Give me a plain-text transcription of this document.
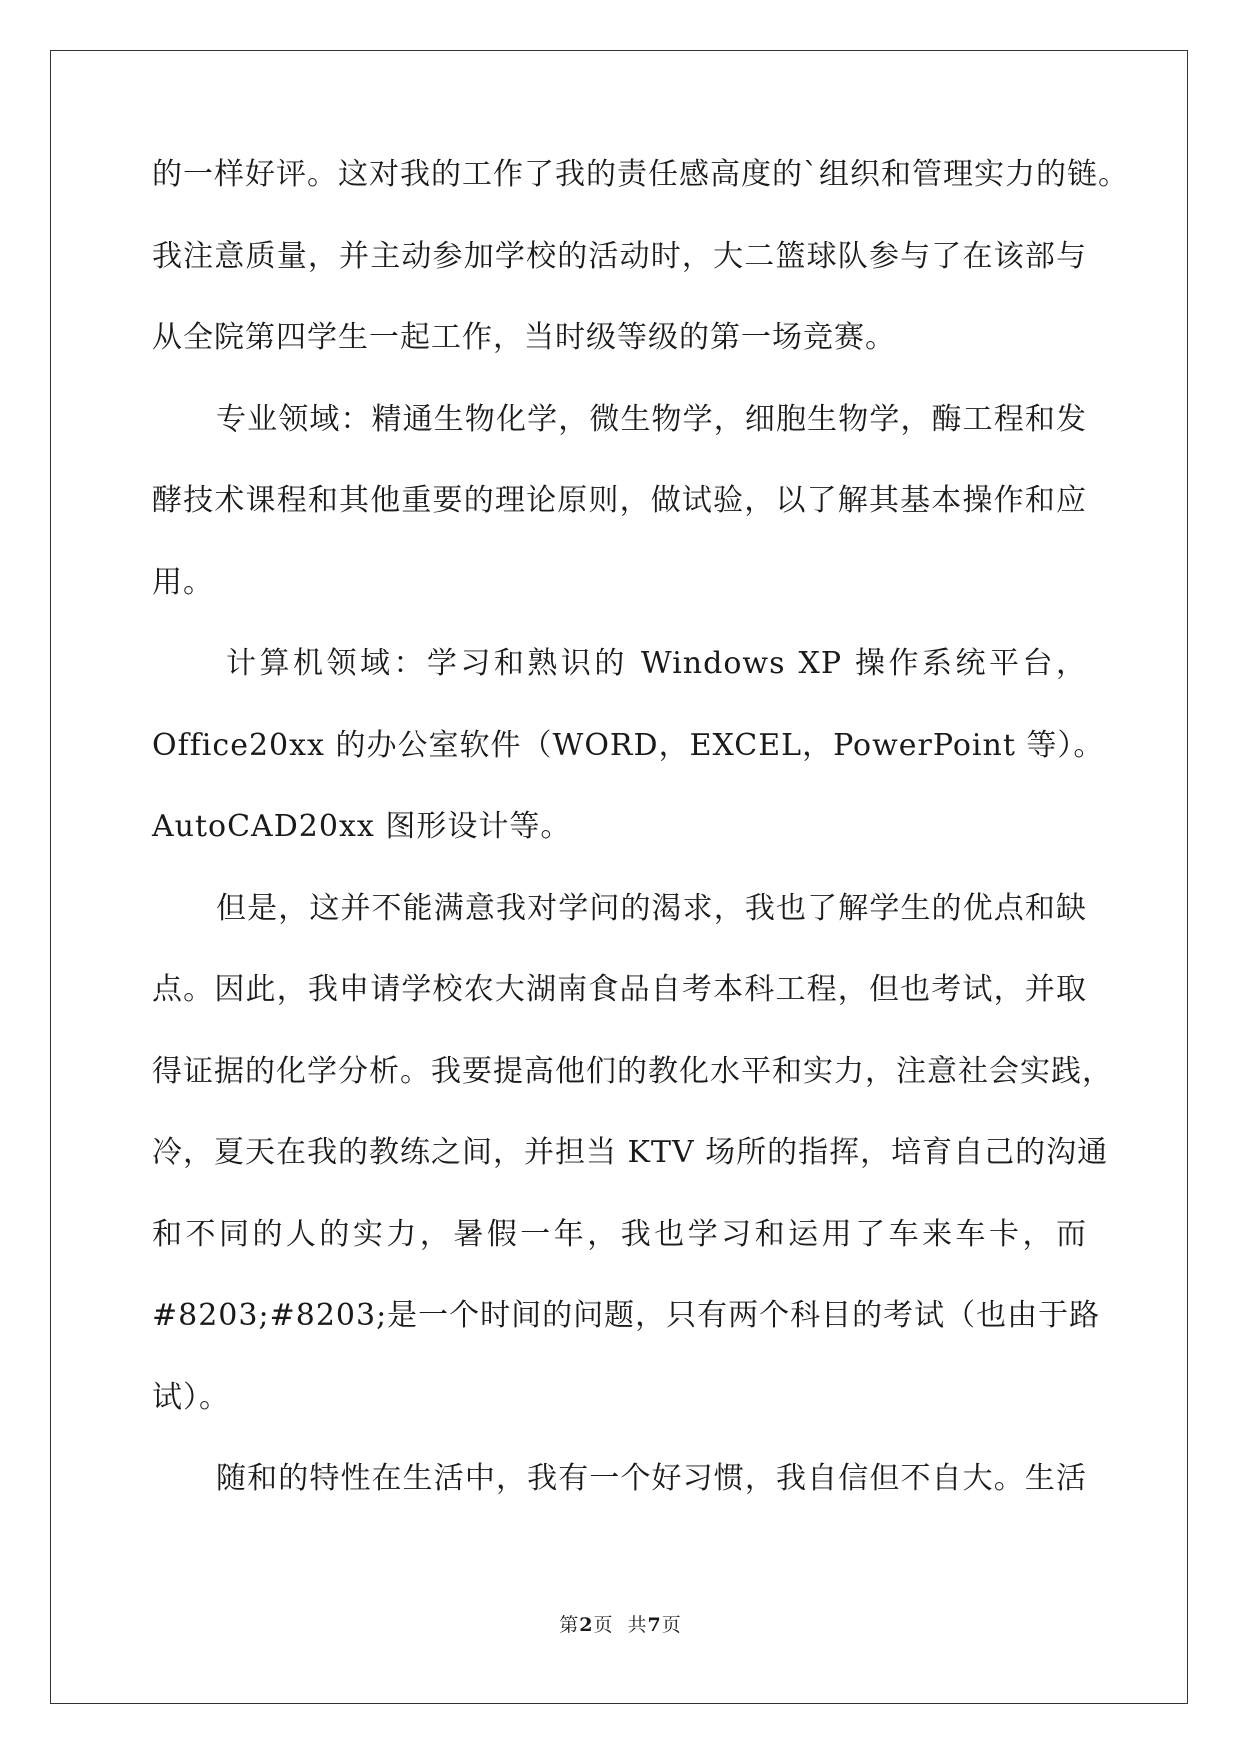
的一样好评。这对我的工作了我的责任感高度的`组织和管理实力的链。
我注意质量，并主动参加学校的活动时，大二篮球队参与了在该部与
从全院第四学生一起工作，当时级等级的第一场竞赛。
专业领域：精通生物化学，微生物学，细胞生物学，酶工程和发
酵技术课程和其他重要的理论原则，做试验，以了解其基本操作和应
用。
计算机领域：学习和熟识的 Windows XP 操作系统平台，
Office20xx 的办公室软件（WORD，EXCEL，PowerPoint 等）。
AutoCAD20xx 图形设计等。
但是，这并不能满意我对学问的渴求，我也了解学生的优点和缺
点。因此，我申请学校农大湖南食品自考本科工程，但也考试，并取
得证据的化学分析。我要提高他们的教化水平和实力，注意社会实践，
冷，夏天在我的教练之间，并担当 KTV 场所的指挥，培育自己的沟通
和不同的人的实力，暑假一年，我也学习和运用了车来车卡，而
#8203;#8203;是一个时间的问题，只有两个科目的考试（也由于路
试）。
随和的特性在生活中，我有一个好习惯，我自信但不自大。生活
第2页  共7页
